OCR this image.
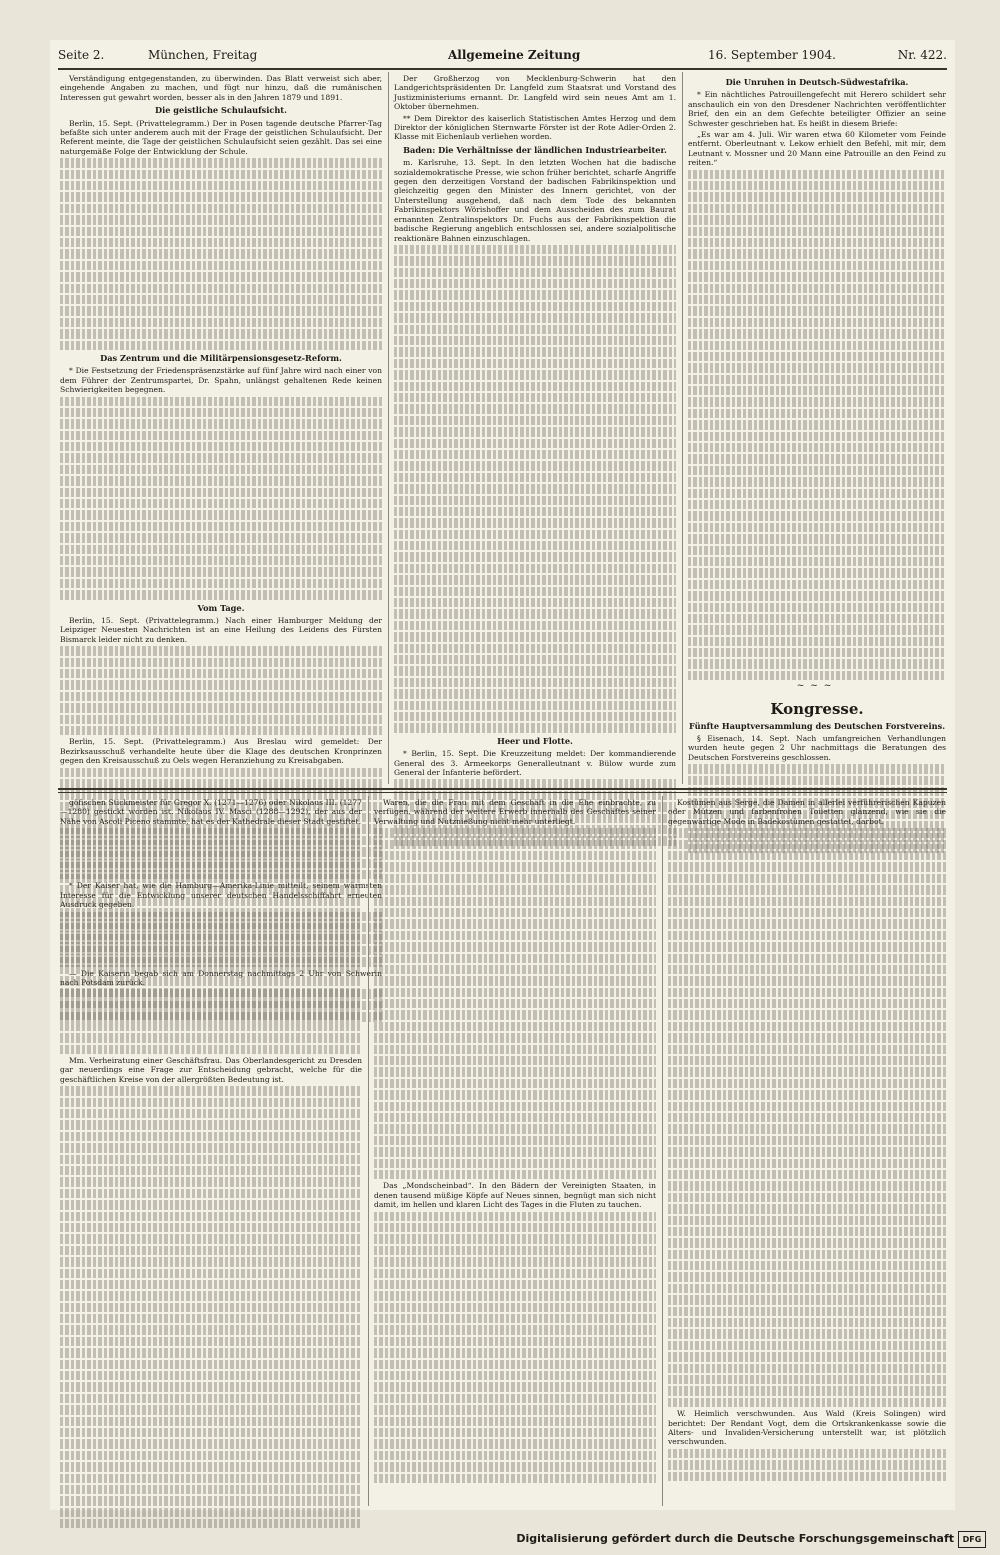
Seite 2.	München, Freitag	Allgemeine Zeitung	16. September 1904.	Nr. 422.

Verständigung entgegenstanden, zu überwinden. Das Blatt verweist sich aber, eingehende Angaben zu machen, und fügt nur hinzu, daß die rumänischen Interessen gut gewahrt worden, besser als in den Jahren 1879 und 1891.

Die geistliche Schulaufsicht.

Berlin, 15. Sept. (Privattelegramm.) Der in Posen tagende deutsche Pfarrer-Tag befaßte sich unter anderem auch mit der Frage der geistlichen Schulaufsicht. Der Referent meinte, die Tage der geistlichen Schulaufsicht seien gezählt. Das sei eine naturgemäße Folge der Entwicklung der Schule.

Das Zentrum und die Militärpensionsgesetz-Reform.

* Die Festsetzung der Friedenspräsenzstärke auf fünf Jahre wird nach einer von dem Führer der Zentrumspartei, Dr. Spahn, unlängst gehaltenen Rede keinen Schwierigkeiten begegnen.

Vom Tage.

Berlin, 15. Sept. (Privattelegramm.) Nach einer Hamburger Meldung der Leipziger Neuesten Nachrichten ist an eine Heilung des Leidens des Fürsten Bismarck leider nicht zu denken.

Berlin, 15. Sept. (Privattelegramm.) Aus Breslau wird gemeldet: Der Bezirksausschuß verhandelte heute über die Klage des deutschen Kronprinzen gegen den Kreisausschuß zu Oels wegen Heranziehung zu Kreisabgaben.

* Der Kaiser hat, wie die Hamburg—Amerika-Linie mitteilt, seinem wärmsten Interesse für die Entwicklung unserer deutschen Handelsschiffahrt erneuten Ausdruck gegeben.

— Die Kaiserin begab sich am Donnerstag nachmittags 2 Uhr von Schwerin nach Potsdam zurück.

Der Großherzog von Mecklenburg-Schwerin hat den Landgerichtspräsidenten Dr. Langfeld zum Staatsrat und Vorstand des Justizministeriums ernannt. Dr. Langfeld wird sein neues Amt am 1. Oktober übernehmen.

** Dem Direktor des kaiserlich Statistischen Amtes Herzog und dem Direktor der königlichen Sternwarte Förster ist der Rote Adler-Orden 2. Klasse mit Eichenlaub verliehen worden.

Baden: Die Verhältnisse der ländlichen Industriearbeiter.

m. Karlsruhe, 13. Sept. In den letzten Wochen hat die badische sozialdemokratische Presse, wie schon früher berichtet, scharfe Angriffe gegen den derzeitigen Vorstand der badischen Fabrikinspektion und gleichzeitig gegen den Minister des Innern gerichtet, von der Unterstellung ausgehend, daß nach dem Tode des bekannten Fabrikinspektors Wörishoffer und dem Ausscheiden des zum Baurat ernannten Zentralinspektors Dr. Fuchs aus der Fabrikinspektion die badische Regierung angeblich entschlossen sei, andere sozialpolitische reaktionäre Bahnen einzuschlagen.

Heer und Flotte.

* Berlin, 15. Sept. Die Kreuzzeitung meldet: Der kommandierende General des 3. Armeekorps Generalleutnant v. Bülow wurde zum General der Infanterie befördert.

Die Unruhen in Deutsch-Südwestafrika.

* Ein nächtliches Patrouillengefecht mit Herero schildert sehr anschaulich ein von den Dresdener Nachrichten veröffentlichter Brief, den ein an dem Gefechte beteiligter Offizier an seine Schwester geschrieben hat. Es heißt in diesem Briefe:

„Es war am 4. Juli. Wir waren etwa 60 Kilometer vom Feinde entfernt. Oberleutnant v. Lekow erhielt den Befehl, mit mir, dem Leutnant v. Mossner und 20 Mann eine Patrouille an den Feind zu reiten.“

~~~
Kongresse.
Fünfte Hauptversammlung des Deutschen Forstvereins.

§ Eisenach, 14. Sept. Nach umfangreichen Verhandlungen wurden heute gegen 2 Uhr nachmittags die Beratungen des Deutschen Forstvereins geschlossen.

göfischen Stickmeister für Gregor X. (1271—1276) oder Nikolaus III. (1277—1280) gestickt worden ist. Nikolaus IV. Masci (1288—1292), der aus der Nähe von Ascoli Piceno stammte, hat es der Kathedrale dieser Stadt gestiftet.

Mm. Verheiratung einer Geschäftsfrau. Das Oberlandesgericht zu Dresden gar neuerdings eine Frage zur Entscheidung gebracht, welche für die geschäftlichen Kreise von der allergrößten Bedeutung ist.

Waren, die die Frau mit dem Geschäft in die Ehe einbrachte, zu verfügen, während der weitere Erwerb innerhalb des Geschäftes seiner Verwaltung und Nutznießung nicht mehr unterliegt.

Das „Mondscheinbad“. In den Bädern der Vereinigten Staaten, in denen tausend müßige Köpfe auf Neues sinnen, begnügt man sich nicht damit, im hellen und klaren Licht des Tages in die Fluten zu tauchen.

Kostümen aus Serge, die Damen in allerlei verführerischen Kapuzen oder Mützen und farbenfrohen Toiletten glänzend, wie sie die gegenwärtige Mode in Badekostümen gestattet, darbot.

W. Heimlich verschwunden. Aus Wald (Kreis Solingen) wird berichtet: Der Rendant Vogt, dem die Ortskrankenkasse sowie die Alters- und Invaliden-Versicherung unterstellt war, ist plötzlich verschwunden.

Digitalisierung gefördert durch die Deutsche Forschungsgemeinschaft	DFG
